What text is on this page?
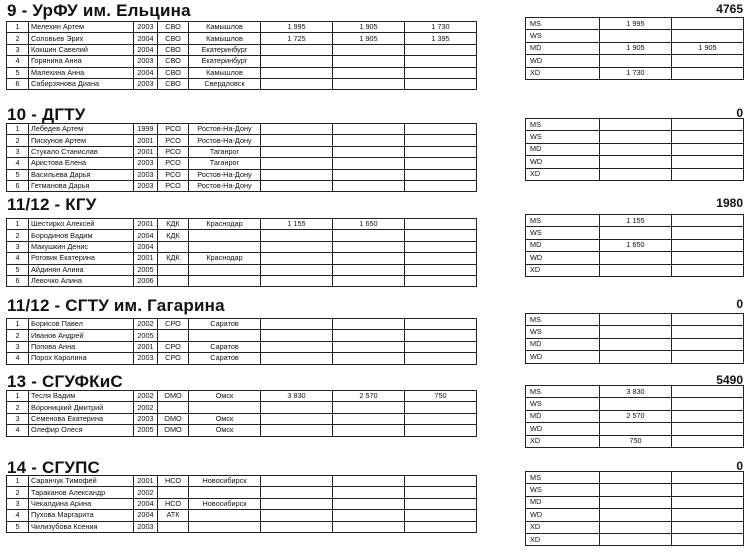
9 - УрФУ им. Ельцина	4765
1	Мелехин Артем	2003	СВО	Камышлов	1 995	1 905	1 730
2	Соловьев Эрих	2004	СВО	Камышлов	1 725	1 905	1 395
3	Кокшин Савелий	2004	СВО	Екатеринбург			
4	Горянина Анна	2003	СВО	Екатеринбург			
5	Малехина Анна	2004	СВО	Камышлов			
6	Сабирзянова Диана	2003	СВО	Свердловск			
MS	1 995	
WS		
MD	1 905	1 905
WD		
XD	1 730	
10 - ДГТУ	0
1	Лебедев Артем	1999	РСО	Ростов-На-Дону			
2	Пискунов Артем	2001	РСО	Ростов-На-Дону			
3	Стукало Станислав	2001	РСО	Таганрог			
4	Аристова Елена	2003	РСО	Таганрог			
5	Васильева Дарья	2003	РСО	Ростов-На-Дону			
6	Гетманова Дарья	2003	РСО	Ростов-На-Дону			
MS		
WS		
MD		
WD		
XD		
11/12 - КГУ	1980
1	Шестирко Алексей	2001	КДК	Краснодар	1 155	1 650	
2	Бородинов Вадим	2004	КДК				
3	Макушкин Денис	2004					
4	Роговик Екатерина	2001	КДК	Краснодар			
5	Айдинян Алина	2005					
6	Левочко Алина	2006					
MS	1 155	
WS		
MD	1 650	
WD		
XD		
11/12 - СГТУ им. Гагарина	0
1	Борисов Павел	2002	СРО	Саратов			
2	Иванов Андрей	2005					
3	Попова Анна	2001	СРО	Саратов			
4	Порох Каролина	2003	СРО	Саратов			
MS		
WS		
MD		
WD		
13 - СГУФКиС	5490
1	Тесля Вадим	2002	ОМО	Омск	3 830	2 570	750
2	Вороницкий Дмитрий	2002					
3	Семенова Екатерина	2003	ОМО	Омск			
4	Олефир Олеся	2005	ОМО	Омск			
MS	3 830	
WS		
MD	2 570	
WD		
XD	750	
14 - СГУПС	0
1	Саранчук Тимофей	2001	НСО	Новосибирск			
2	Тараканов Александр	2002					
3	Чекалдина Арина	2004	НСО	Новосибирск			
4	Пухова Маргарита	2004	АТК				
5	Чилизубова Ксения	2003					
MS		
WS		
MD		
WD		
XD		
XD		
